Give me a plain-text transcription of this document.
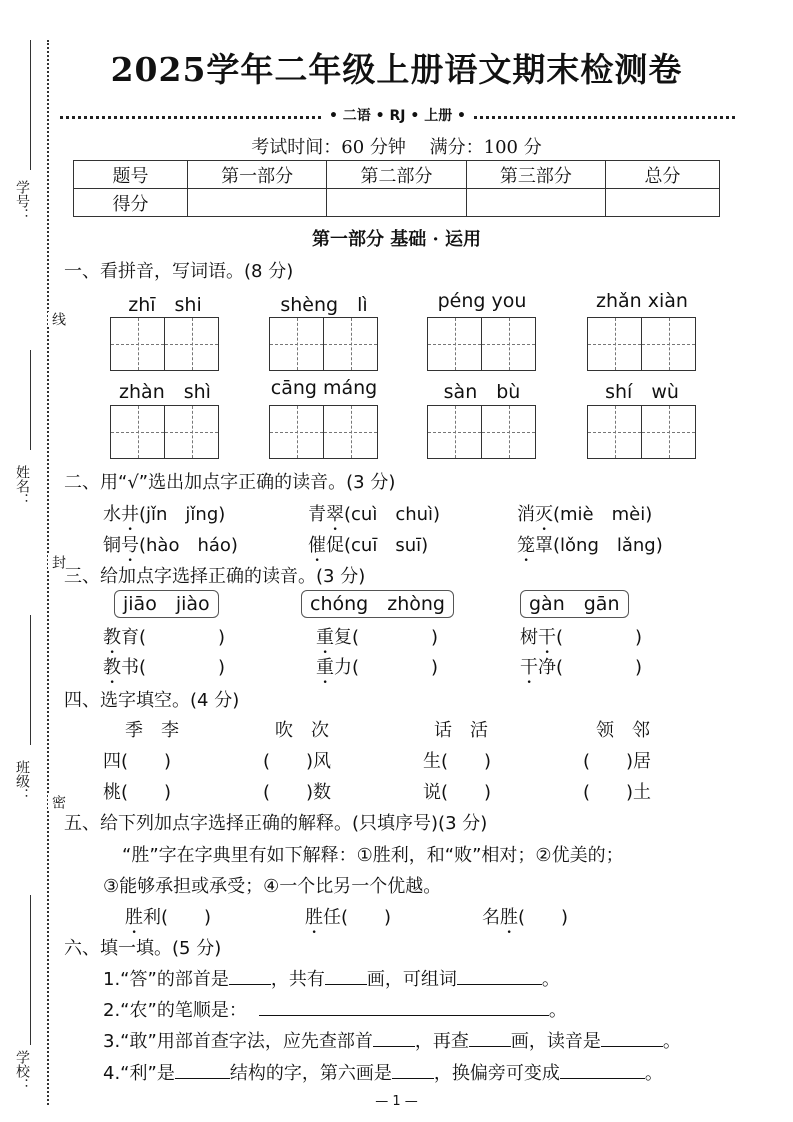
学号：
线
姓名：
封
班级： 密
学校：
2025学年二年级上册语文期末检测卷
• 二语 • RJ • 上册 •
考试时间：60 分钟　 满分：100 分
题号	第一部分	第二部分	第三部分	总分
得分				
第一部分 基础 · 运用
一、看拼音，写词语。(8 分)
zhī　shi	shèng　lì	péng you	zhǎn xiàn
zhàn　shì	cāng máng	sàn　bù	shí　wù
二、用“√”选出加点字正确的读音。(3 分)
水井(jǐn　jǐng)	青翠(cuì　chuì)	消灭(miè　mèi)
铜号(hào　háo)	催促(cuī　suī)	笼罩(lǒng　lǎng)
三、给加点字选择正确的读音。(3 分)
jiāo　jiào	chóng　zhòng	gàn　gān
教育(　　　　)	重复(　　　　)	树干(　　　　)
教书(　　　　)	重力(　　　　)	干净(　　　　)
四、选字填空。(4 分)
季　李	吹　次	话　活	领　邻
四(　　)	(　　)风	生(　　)	(　　)居
桃(　　)	(　　)数	说(　　)	(　　)土
五、给下列加点字选择正确的解释。(只填序号)(3 分)
“胜”字在字典里有如下解释：①胜利，和“败”相对；②优美的；
③能够承担或承受；④一个比另一个优越。
胜利(　　)	胜任(　　)	名胜(　　)
六、填一填。(5 分)
1.“答”的部首是 ，共有 画，可组词	。
2.“农”的笔顺是：	。
3.“敢”用部首查字法，应先查部首 ，再查 画，读音是	。
4.“利”是	结构的字，第六画是 ，换偏旁可变成	。
— 1 —
